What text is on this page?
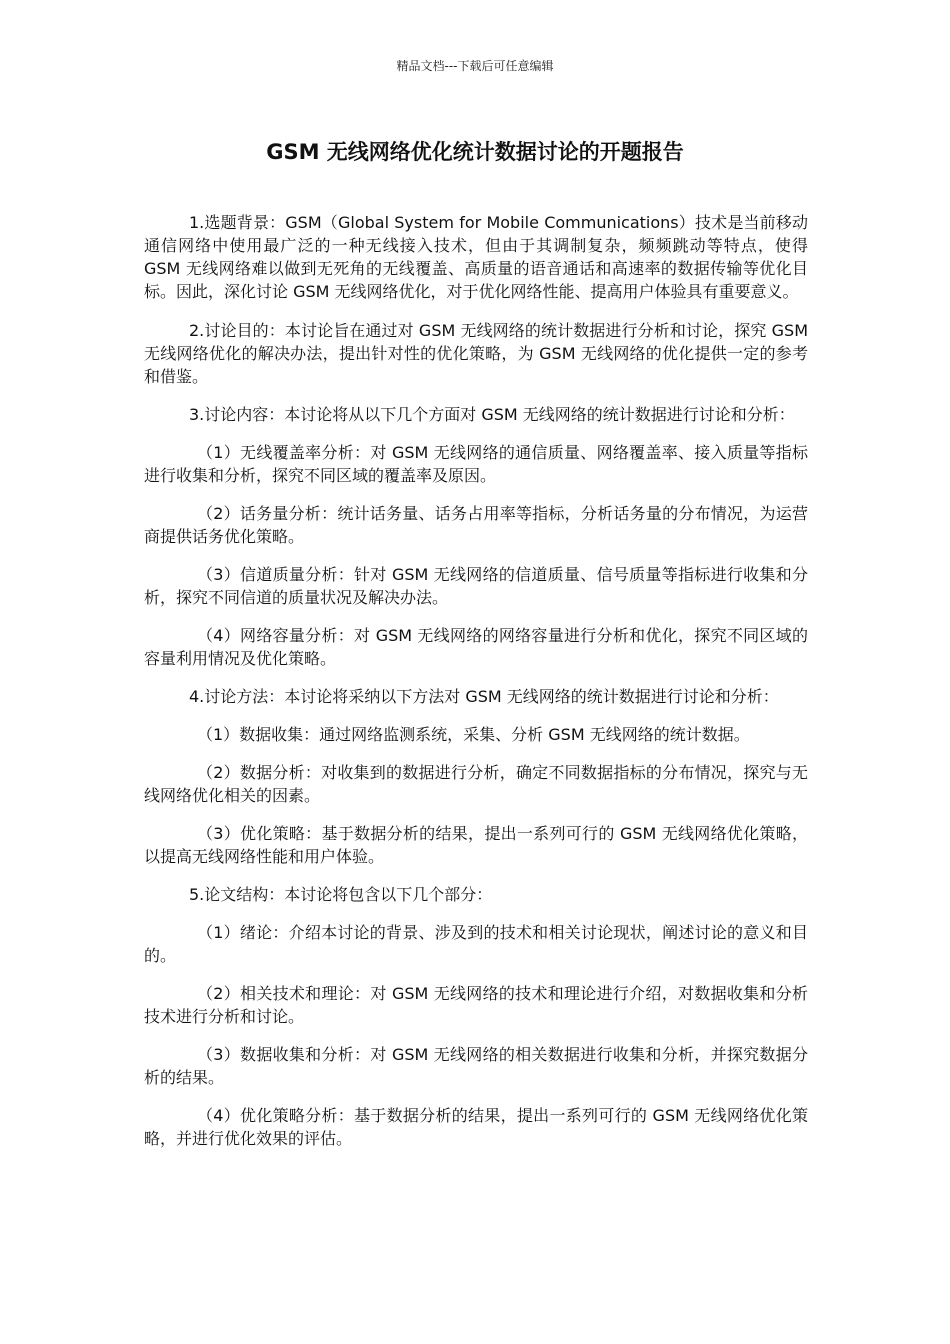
精品文档---下载后可任意编辑
GSM 无线网络优化统计数据讨论的开题报告

1.选题背景：GSM（Global System for Mobile Communications）技术是当前移动通信网络中使用最广泛的一种无线接入技术，但由于其调制复杂，频频跳动等特点，使得 GSM 无线网络难以做到无死角的无线覆盖、高质量的语音通话和高速率的数据传输等优化目标。因此，深化讨论 GSM 无线网络优化，对于优化网络性能、提高用户体验具有重要意义。

2.讨论目的：本讨论旨在通过对 GSM 无线网络的统计数据进行分析和讨论，探究 GSM 无线网络优化的解决办法，提出针对性的优化策略，为 GSM 无线网络的优化提供一定的参考和借鉴。

3.讨论内容：本讨论将从以下几个方面对 GSM 无线网络的统计数据进行讨论和分析：

（1）无线覆盖率分析：对 GSM 无线网络的通信质量、网络覆盖率、接入质量等指标进行收集和分析，探究不同区域的覆盖率及原因。

（2）话务量分析：统计话务量、话务占用率等指标，分析话务量的分布情况，为运营商提供话务优化策略。

（3）信道质量分析：针对 GSM 无线网络的信道质量、信号质量等指标进行收集和分析，探究不同信道的质量状况及解决办法。

（4）网络容量分析：对 GSM 无线网络的网络容量进行分析和优化，探究不同区域的容量利用情况及优化策略。

4.讨论方法：本讨论将采纳以下方法对 GSM 无线网络的统计数据进行讨论和分析：

（1）数据收集：通过网络监测系统，采集、分析 GSM 无线网络的统计数据。

（2）数据分析：对收集到的数据进行分析，确定不同数据指标的分布情况，探究与无线网络优化相关的因素。

（3）优化策略：基于数据分析的结果，提出一系列可行的 GSM 无线网络优化策略，以提高无线网络性能和用户体验。

5.论文结构：本讨论将包含以下几个部分：

（1）绪论：介绍本讨论的背景、涉及到的技术和相关讨论现状，阐述讨论的意义和目的。

（2）相关技术和理论：对 GSM 无线网络的技术和理论进行介绍，对数据收集和分析技术进行分析和讨论。

（3）数据收集和分析：对 GSM 无线网络的相关数据进行收集和分析，并探究数据分析的结果。

（4）优化策略分析：基于数据分析的结果，提出一系列可行的 GSM 无线网络优化策略，并进行优化效果的评估。
